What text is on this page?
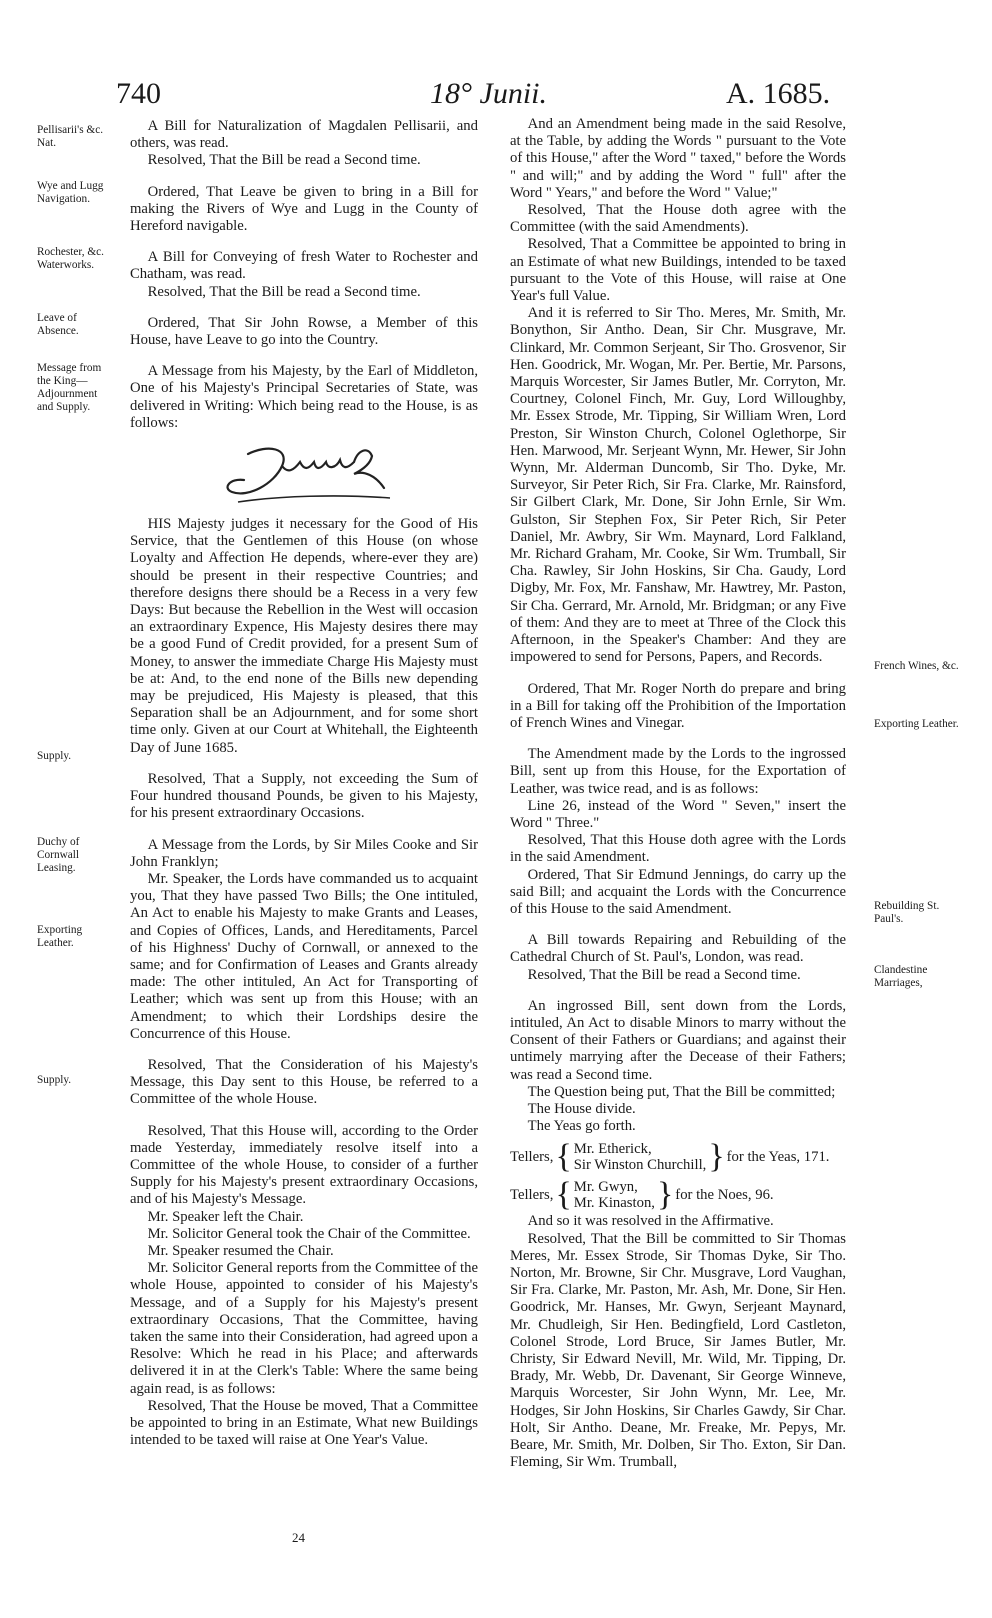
740	18° Junii.	A. 1685.
Pellisarii's &c. Nat.
Wye and Lugg Navigation.
Rochester, &c. Waterworks.
Leave of Absence.
Message from the King—Adjournment and Supply.
Supply.
Duchy of Cornwall Leasing.
Exporting Leather.
Supply.
French Wines, &c.
Exporting Leather.
Rebuilding St. Paul's.
Clandestine Marriages,

A Bill for Naturalization of Magdalen Pellisarii, and others, was read.

Resolved, That the Bill be read a Second time.

Ordered, That Leave be given to bring in a Bill for making the Rivers of Wye and Lugg in the County of Hereford navigable.

A Bill for Conveying of fresh Water to Rochester and Chatham, was read.

Resolved, That the Bill be read a Second time.

Ordered, That Sir John Rowse, a Member of this House, have Leave to go into the Country.

A Message from his Majesty, by the Earl of Middleton, One of his Majesty's Principal Secretaries of State, was delivered in Writing: Which being read to the House, is as follows:

HIS Majesty judges it necessary for the Good of His Service, that the Gentlemen of this House (on whose Loyalty and Affection He depends, where-ever they are) should be present in their respective Countries; and therefore designs there should be a Recess in a very few Days: But because the Rebellion in the West will occasion an extraordinary Expence, His Majesty desires there may be a good Fund of Credit provided, for a present Sum of Money, to answer the immediate Charge His Majesty must be at: And, to the end none of the Bills new depending may be prejudiced, His Majesty is pleased, that this Separation shall be an Adjournment, and for some short time only. Given at our Court at Whitehall, the Eighteenth Day of June 1685.

Resolved, That a Supply, not exceeding the Sum of Four hundred thousand Pounds, be given to his Majesty, for his present extraordinary Occasions.

A Message from the Lords, by Sir Miles Cooke and Sir John Franklyn;

Mr. Speaker, the Lords have commanded us to acquaint you, That they have passed Two Bills; the One intituled, An Act to enable his Majesty to make Grants and Leases, and Copies of Offices, Lands, and Hereditaments, Parcel of his Highness' Duchy of Cornwall, or annexed to the same; and for Confirmation of Leases and Grants already made: The other intituled, An Act for Transporting of Leather; which was sent up from this House; with an Amendment; to which their Lordships desire the Concurrence of this House.

Resolved, That the Consideration of his Majesty's Message, this Day sent to this House, be referred to a Committee of the whole House.

Resolved, That this House will, according to the Order made Yesterday, immediately resolve itself into a Committee of the whole House, to consider of a further Supply for his Majesty's present extraordinary Occasions, and of his Majesty's Message.

Mr. Speaker left the Chair.

Mr. Solicitor General took the Chair of the Committee.

Mr. Speaker resumed the Chair.

Mr. Solicitor General reports from the Committee of the whole House, appointed to consider of his Majesty's Message, and of a Supply for his Majesty's present extraordinary Occasions, That the Committee, having taken the same into their Consideration, had agreed upon a Resolve: Which he read in his Place; and afterwards delivered it in at the Clerk's Table: Where the same being again read, is as follows:

Resolved, That the House be moved, That a Committee be appointed to bring in an Estimate, What new Buildings intended to be taxed will raise at One Year's Value.

And an Amendment being made in the said Resolve, at the Table, by adding the Words " pursuant to the Vote of this House," after the Word " taxed," before the Words " and will;" and by adding the Word " full" after the Word " Years," and before the Word " Value;"

Resolved, That the House doth agree with the Committee (with the said Amendments).

Resolved, That a Committee be appointed to bring in an Estimate of what new Buildings, intended to be taxed pursuant to the Vote of this House, will raise at One Year's full Value.

And it is referred to Sir Tho. Meres, Mr. Smith, Mr. Bonython, Sir Antho. Dean, Sir Chr. Musgrave, Mr. Clinkard, Mr. Common Serjeant, Sir Tho. Grosvenor, Sir Hen. Goodrick, Mr. Wogan, Mr. Per. Bertie, Mr. Parsons, Marquis Worcester, Sir James Butler, Mr. Corryton, Mr. Courtney, Colonel Finch, Mr. Guy, Lord Willoughby, Mr. Essex Strode, Mr. Tipping, Sir William Wren, Lord Preston, Sir Winston Church, Colonel Oglethorpe, Sir Hen. Marwood, Mr. Serjeant Wynn, Mr. Hewer, Sir John Wynn, Mr. Alderman Duncomb, Sir Tho. Dyke, Mr. Surveyor, Sir Peter Rich, Sir Fra. Clarke, Mr. Rainsford, Sir Gilbert Clark, Mr. Done, Sir John Ernle, Sir Wm. Gulston, Sir Stephen Fox, Sir Peter Rich, Sir Peter Daniel, Mr. Awbry, Sir Wm. Maynard, Lord Falkland, Mr. Richard Graham, Mr. Cooke, Sir Wm. Trumball, Sir Cha. Rawley, Sir John Hoskins, Sir Cha. Gaudy, Lord Digby, Mr. Fox, Mr. Fanshaw, Mr. Hawtrey, Mr. Paston, Sir Cha. Gerrard, Mr. Arnold, Mr. Bridgman; or any Five of them: And they are to meet at Three of the Clock this Afternoon, in the Speaker's Chamber: And they are impowered to send for Persons, Papers, and Records.

Ordered, That Mr. Roger North do prepare and bring in a Bill for taking off the Prohibition of the Importation of French Wines and Vinegar.

The Amendment made by the Lords to the ingrossed Bill, sent up from this House, for the Exportation of Leather, was twice read, and is as follows:

Line 26, instead of the Word " Seven," insert the Word " Three."

Resolved, That this House doth agree with the Lords in the said Amendment.

Ordered, That Sir Edmund Jennings, do carry up the said Bill; and acquaint the Lords with the Concurrence of this House to the said Amendment.

A Bill towards Repairing and Rebuilding of the Cathedral Church of St. Paul's, London, was read.

Resolved, That the Bill be read a Second time.

An ingrossed Bill, sent down from the Lords, intituled, An Act to disable Minors to marry without the Consent of their Fathers or Guardians; and against their untimely marrying after the Decease of their Fathers; was read a Second time.

The Question being put, That the Bill be committed;

The House divide.

The Yeas go forth.

Tellers,	{	Mr. Etherick,
Sir Winston Churchill,	}	for the Yeas, 171.
Tellers,	{	Mr. Gwyn,
Mr. Kinaston,	}	for the Noes, 96.

And so it was resolved in the Affirmative.

Resolved, That the Bill be committed to Sir Thomas Meres, Mr. Essex Strode, Sir Thomas Dyke, Sir Tho. Norton, Mr. Browne, Sir Chr. Musgrave, Lord Vaughan, Sir Fra. Clarke, Mr. Paston, Mr. Ash, Mr. Done, Sir Hen. Goodrick, Mr. Hanses, Mr. Gwyn, Serjeant Maynard, Mr. Chudleigh, Sir Hen. Bedingfield, Lord Castleton, Colonel Strode, Lord Bruce, Sir James Butler, Mr. Christy, Sir Edward Nevill, Mr. Wild, Mr. Tipping, Dr. Brady, Mr. Webb, Dr. Davenant, Sir George Winneve, Marquis Worcester, Sir John Wynn, Mr. Lee, Mr. Hodges, Sir John Hoskins, Sir Charles Gawdy, Sir Char. Holt, Sir Antho. Deane, Mr. Freake, Mr. Pepys, Mr. Beare, Mr. Smith, Mr. Dolben, Sir Tho. Exton, Sir Dan. Fleming, Sir Wm. Trumball,

24
